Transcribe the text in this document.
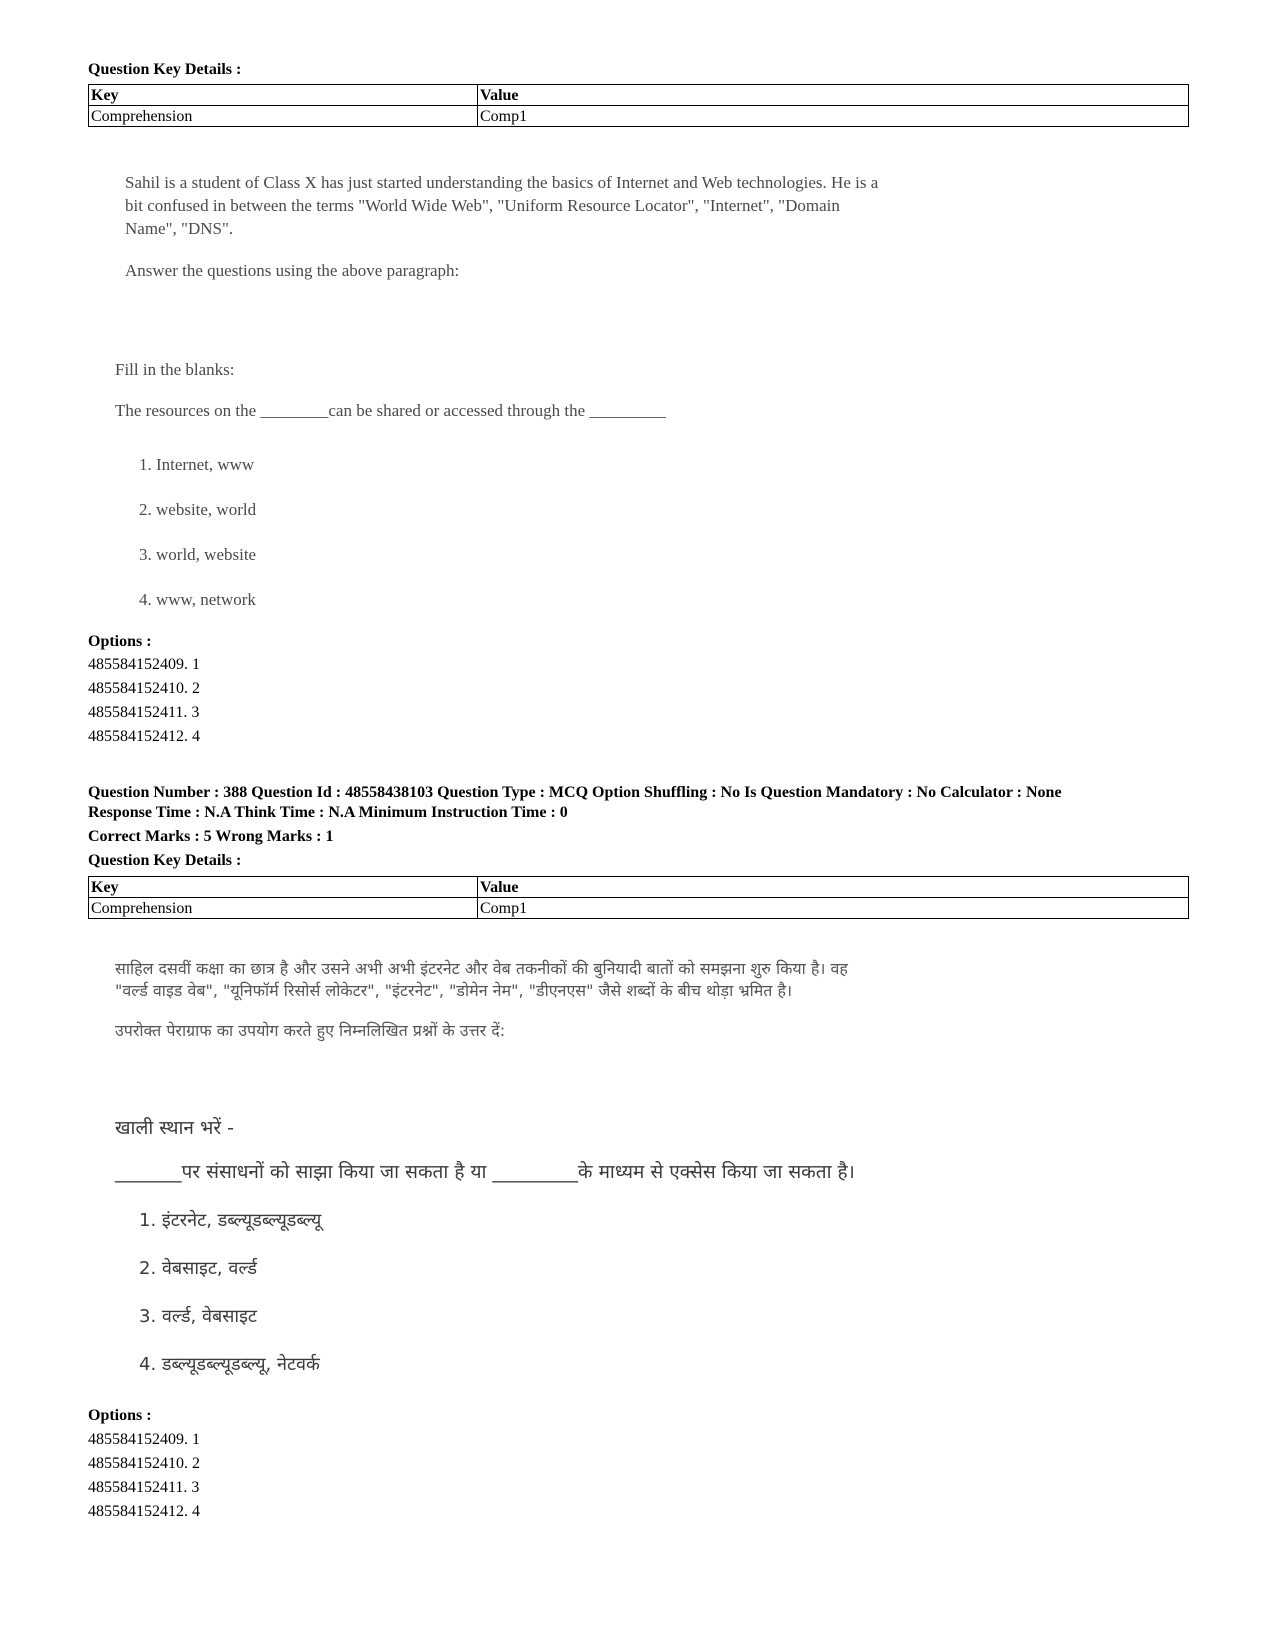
Question Key Details :
Key	Value
Comprehension	Comp1

Sahil is a student of Class X has just started understanding the basics of Internet and Web technologies. He is a

bit confused in between the terms "World Wide Web", "Uniform Resource Locator", "Internet", "Domain

Name", "DNS".

Answer the questions using the above paragraph:

Fill in the blanks:

The resources on the ________can be shared or accessed through the _________

1. Internet, www

2. website, world

3. world, website

4. www, network

Options :
485584152409. 1
485584152410. 2
485584152411. 3
485584152412. 4
Question Number : 388 Question Id : 48558438103 Question Type : MCQ Option Shuffling : No Is Question Mandatory : No Calculator : None
Response Time : N.A Think Time : N.A Minimum Instruction Time : 0
Correct Marks : 5 Wrong Marks : 1
Question Key Details :
Key	Value
Comprehension	Comp1

साहिल दसवीं कक्षा का छात्र है और उसने अभी अभी इंटरनेट और वेब तकनीकों की बुनियादी बातों को समझना शुरु किया है। वह

"वर्ल्ड वाइड वेब", "यूनिफॉर्म रिसोर्स लोकेटर", "इंटरनेट", "डोमेन नेम", "डीएनएस" जैसे शब्दों के बीच थोड़ा भ्रमित है।

उपरोक्त पेराग्राफ का उपयोग करते हुए निम्नलिखित प्रश्नों के उत्तर दें:

खाली स्थान भरें -

_______पर संसाधनों को साझा किया जा सकता है या _________के माध्यम से एक्सेस किया जा सकता है।

1. इंटरनेट, डब्ल्यूडब्ल्यूडब्ल्यू

2. वेबसाइट, वर्ल्ड

3. वर्ल्ड, वेबसाइट

4. डब्ल्यूडब्ल्यूडब्ल्यू, नेटवर्क

Options :
485584152409. 1
485584152410. 2
485584152411. 3
485584152412. 4
